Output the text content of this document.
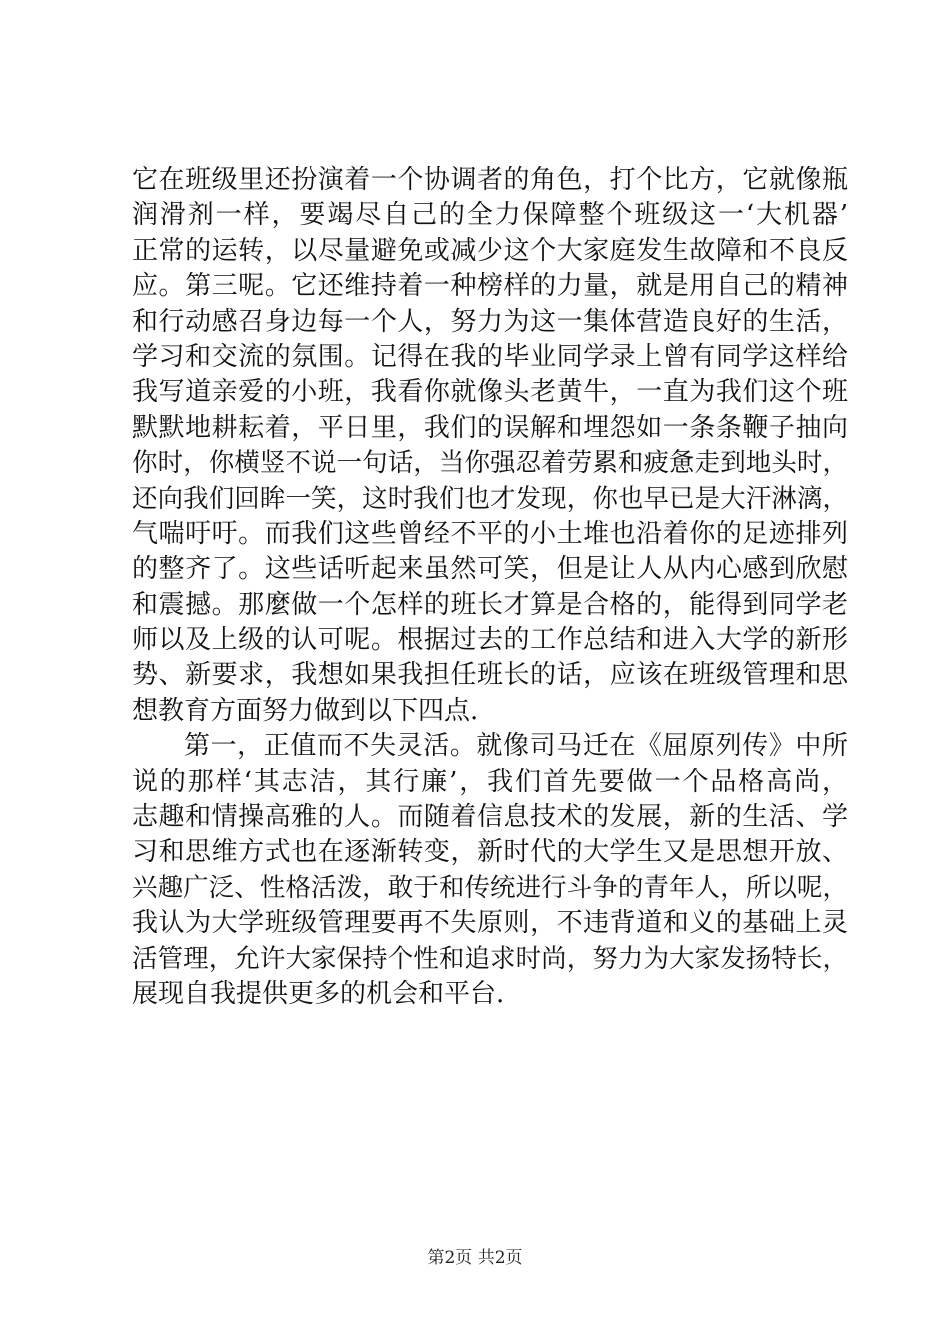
它在班级里还扮演着一个协调者的角色，打个比方，它就像瓶
润滑剂一样，要竭尽自己的全力保障整个班级这一‘大机器’
正常的运转，以尽量避免或减少这个大家庭发生故障和不良反
应。第三呢。它还维持着一种榜样的力量，就是用自己的精神
和行动感召身边每一个人，努力为这一集体营造良好的生活，
学习和交流的氛围。记得在我的毕业同学录上曾有同学这样给
我写道亲爱的小班，我看你就像头老黄牛，一直为我们这个班
默默地耕耘着，平日里，我们的误解和埋怨如一条条鞭子抽向
你时，你横竖不说一句话，当你强忍着劳累和疲惫走到地头时，
还向我们回眸一笑，这时我们也才发现，你也早已是大汗淋漓，
气喘吁吁。而我们这些曾经不平的小土堆也沿着你的足迹排列
的整齐了。这些话听起来虽然可笑，但是让人从内心感到欣慰
和震撼。那麼做一个怎样的班长才算是合格的，能得到同学老
师以及上级的认可呢。根据过去的工作总结和进入大学的新形
势、新要求，我想如果我担任班长的话，应该在班级管理和思
想教育方面努力做到以下四点.
第一，正值而不失灵活。就像司马迁在《屈原列传》中所
说的那样‘其志洁，其行廉’，我们首先要做一个品格高尚，
志趣和情操高雅的人。而随着信息技术的发展，新的生活、学
习和思维方式也在逐渐转变，新时代的大学生又是思想开放、
兴趣广泛、性格活泼，敢于和传统进行斗争的青年人，所以呢，
我认为大学班级管理要再不失原则，不违背道和义的基础上灵
活管理，允许大家保持个性和追求时尚，努力为大家发扬特长，
展现自我提供更多的机会和平台.
第2页 共2页
